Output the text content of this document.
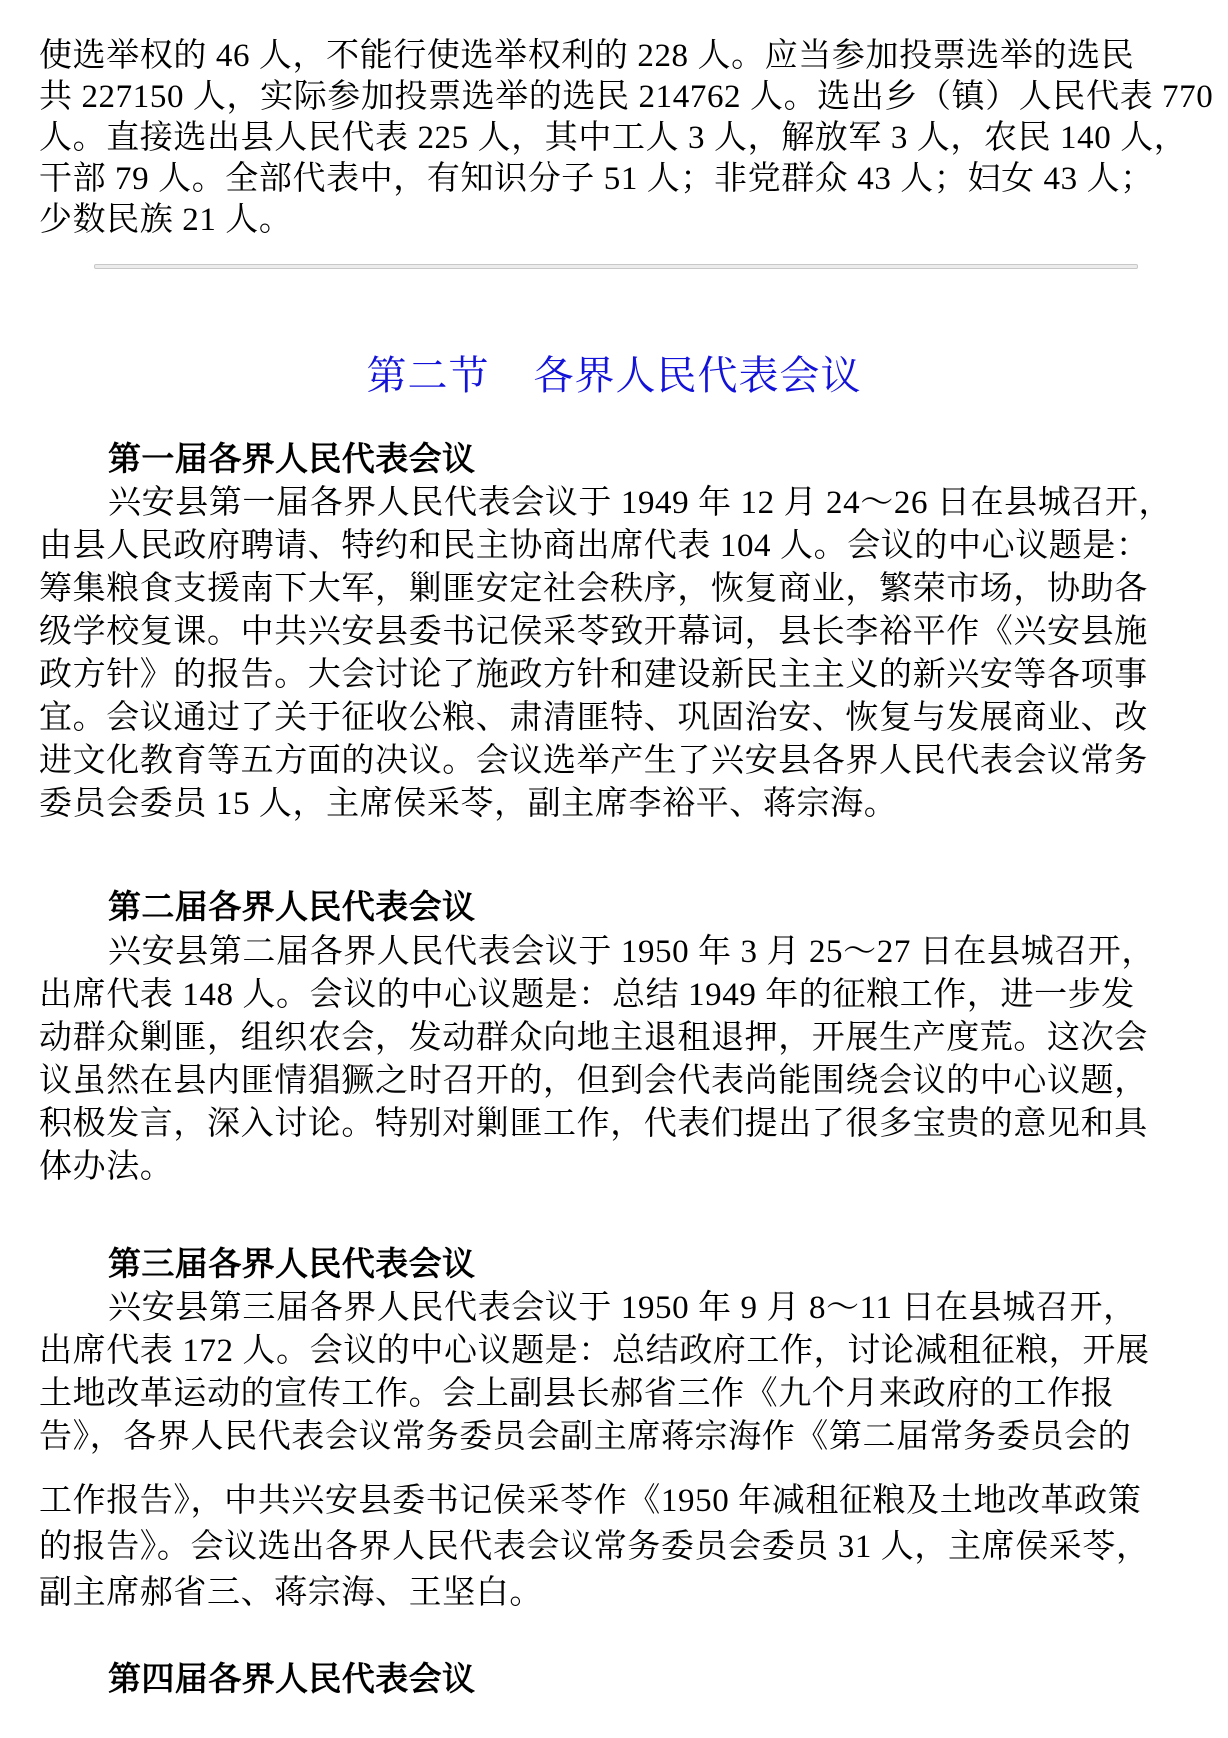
使选举权的 46 人，不能行使选举权利的 228 人。应当参加投票选举的选民
共 227150 人，实际参加投票选举的选民 214762 人。选出乡（镇）人民代表 770
人。直接选出县人民代表 225 人，其中工人 3 人，解放军 3 人，农民 140 人，
干部 79 人。全部代表中，有知识分子 51 人；非党群众 43 人；妇女 43 人；
少数民族 21 人。
第二节 各界人民代表会议
第一届各界人民代表会议
兴安县第一届各界人民代表会议于 1949 年 12 月 24～26 日在县城召开，
由县人民政府聘请、特约和民主协商出席代表 104 人。会议的中心议题是：
筹集粮食支援南下大军，剿匪安定社会秩序，恢复商业，繁荣市场，协助各
级学校复课。中共兴安县委书记侯采苓致开幕词，县长李裕平作《兴安县施
政方针》的报告。大会讨论了施政方针和建设新民主主义的新兴安等各项事
宜。会议通过了关于征收公粮、肃清匪特、巩固治安、恢复与发展商业、改
进文化教育等五方面的决议。会议选举产生了兴安县各界人民代表会议常务
委员会委员 15 人，主席侯采苓，副主席李裕平、蒋宗海。
第二届各界人民代表会议
兴安县第二届各界人民代表会议于 1950 年 3 月 25～27 日在县城召开，
出席代表 148 人。会议的中心议题是：总结 1949 年的征粮工作，进一步发
动群众剿匪，组织农会，发动群众向地主退租退押，开展生产度荒。这次会
议虽然在县内匪情猖獗之时召开的，但到会代表尚能围绕会议的中心议题，
积极发言，深入讨论。特别对剿匪工作，代表们提出了很多宝贵的意见和具
体办法。
第三届各界人民代表会议
兴安县第三届各界人民代表会议于 1950 年 9 月 8～11 日在县城召开，
出席代表 172 人。会议的中心议题是：总结政府工作，讨论减租征粮，开展
土地改革运动的宣传工作。会上副县长郝省三作《九个月来政府的工作报
告》，各界人民代表会议常务委员会副主席蒋宗海作《第二届常务委员会的
工作报告》，中共兴安县委书记侯采苓作《1950 年减租征粮及土地改革政策
的报告》。会议选出各界人民代表会议常务委员会委员 31 人，主席侯采苓，
副主席郝省三、蒋宗海、王坚白。
第四届各界人民代表会议
